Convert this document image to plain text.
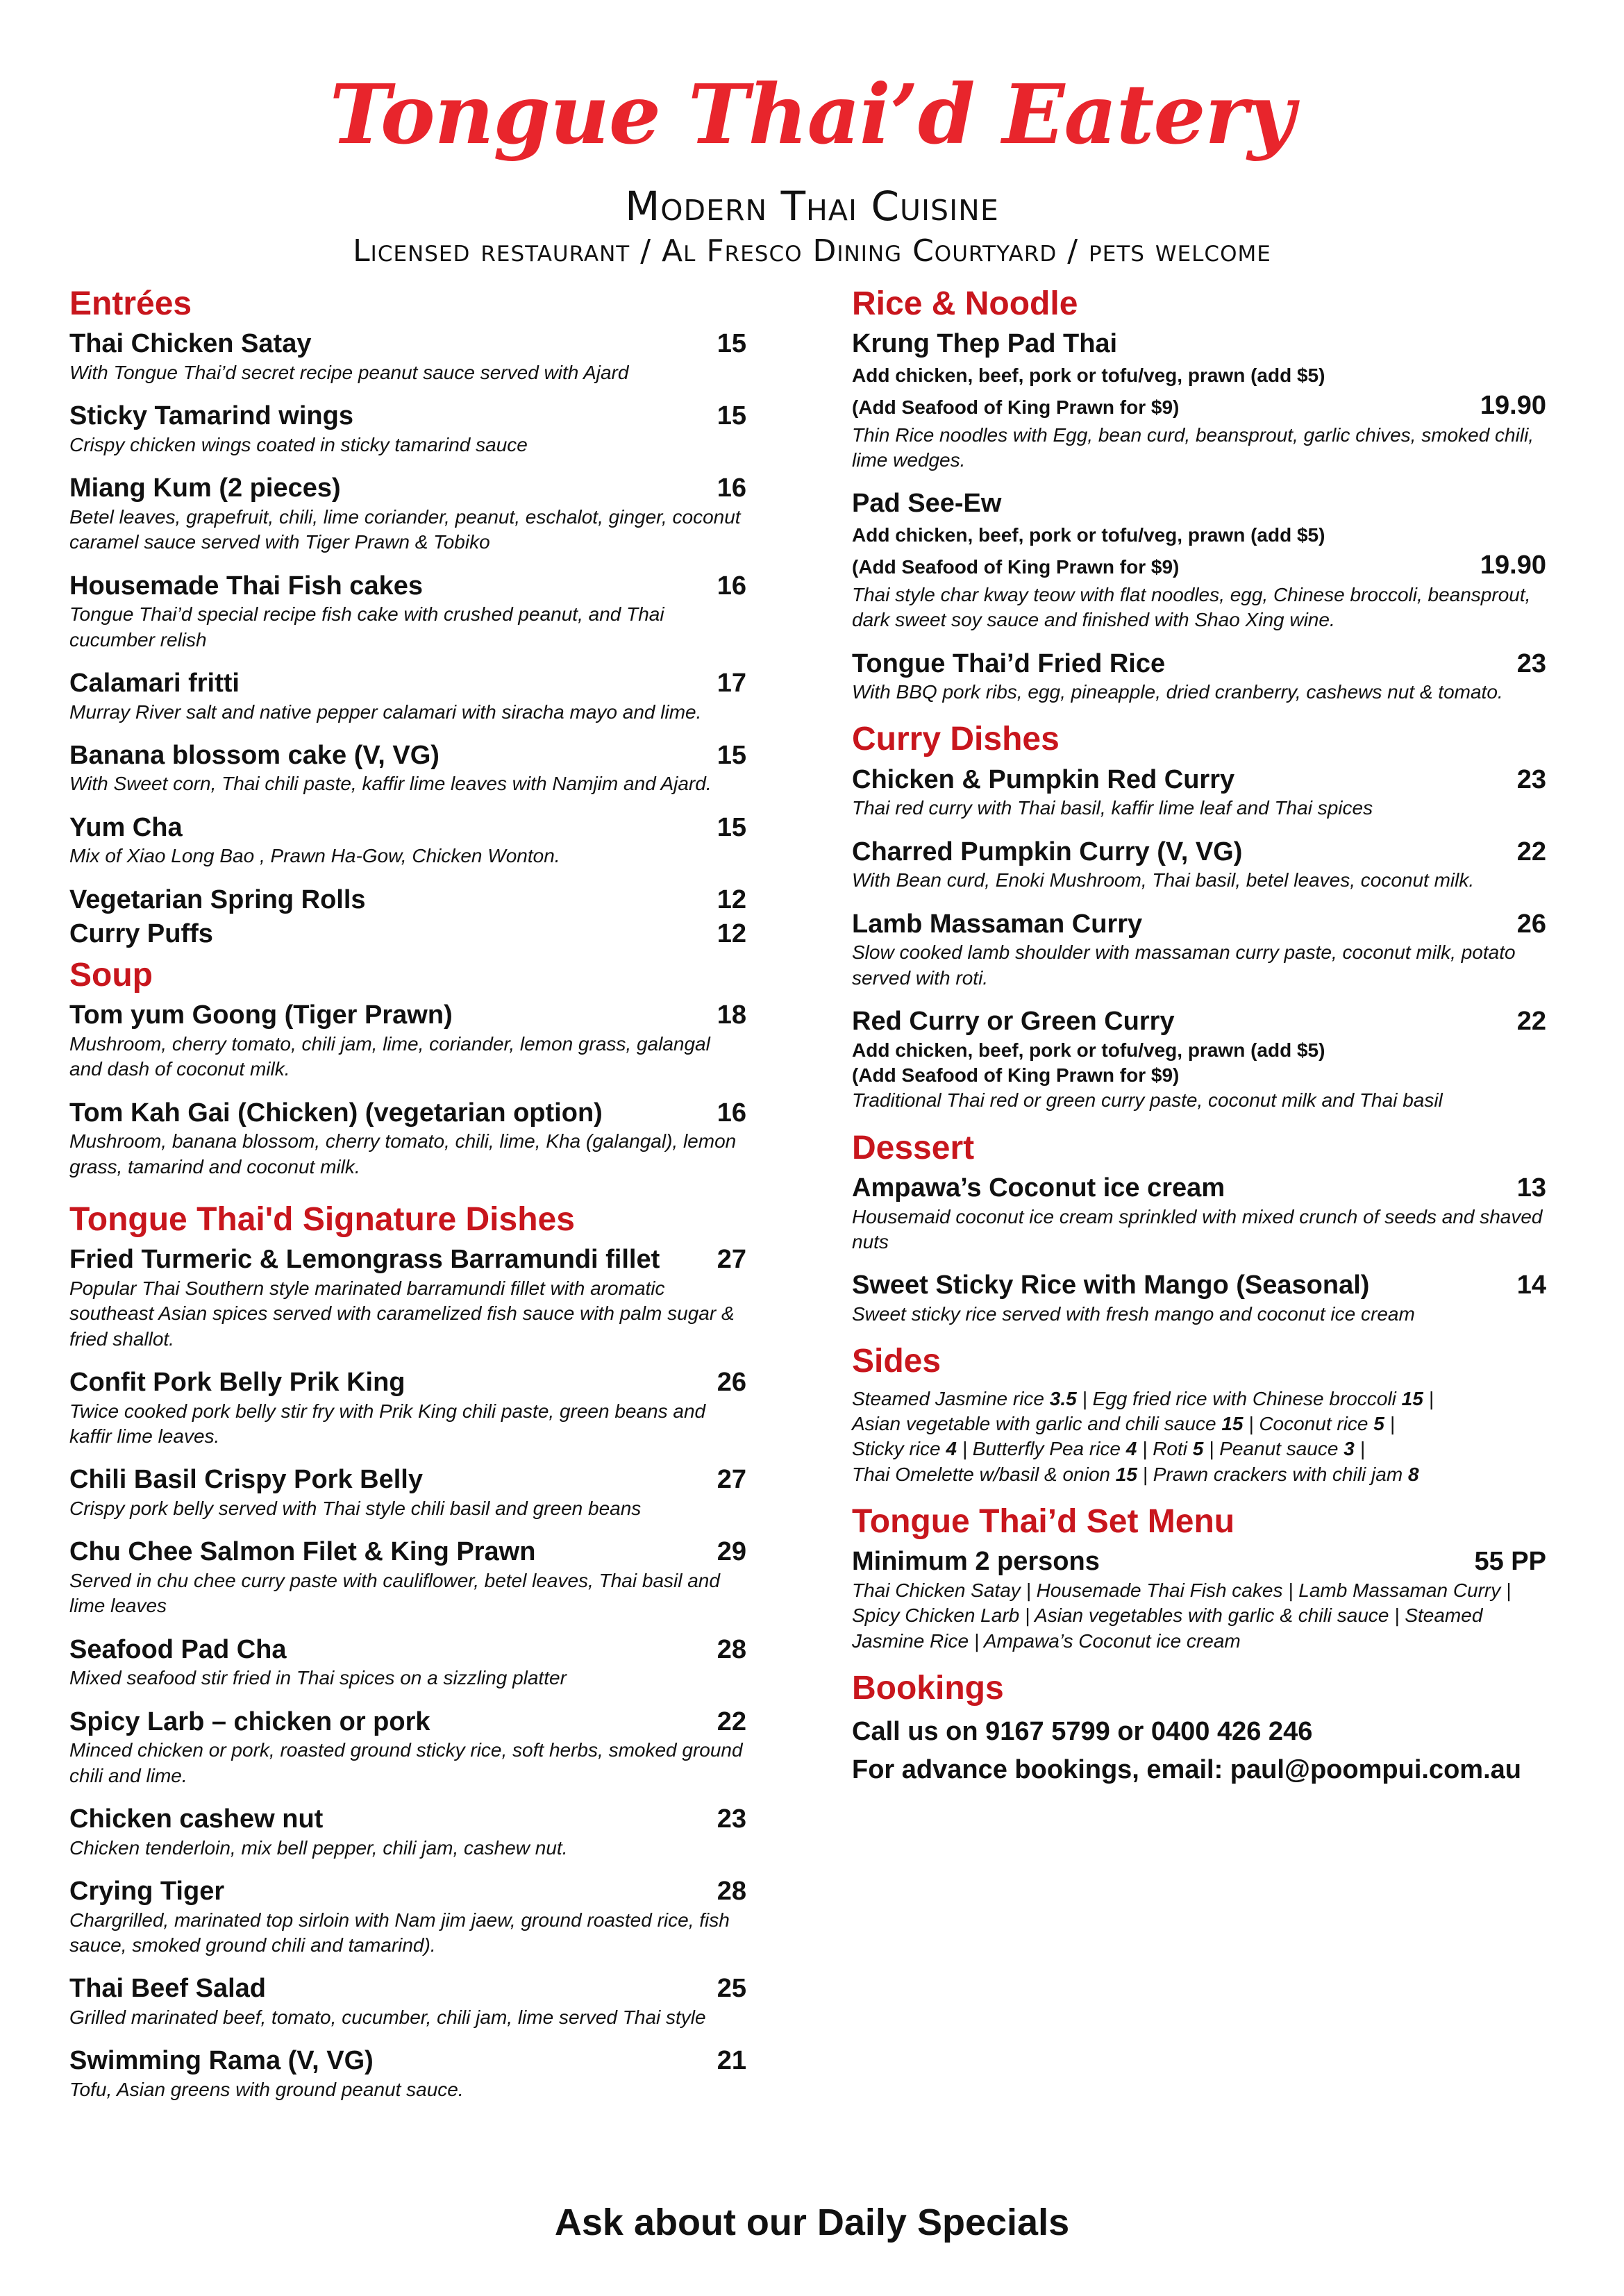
Tongue Thai’d Eatery
Modern Thai Cuisine
Licensed restaurant / Al Fresco Dining Courtyard / pets welcome
Entrées
Thai Chicken Satay	15
With Tongue Thai’d secret recipe peanut sauce served with Ajard
Sticky Tamarind wings	15
Crispy chicken wings coated in sticky tamarind sauce
Miang Kum (2 pieces)	16
Betel leaves, grapefruit, chili, lime coriander, peanut, eschalot, ginger, coconut caramel sauce served with Tiger Prawn & Tobiko
Housemade Thai Fish cakes	16
Tongue Thai’d special recipe fish cake with crushed peanut, and Thai cucumber relish
Calamari fritti	17
Murray River salt and native pepper calamari with siracha mayo and lime.
Banana blossom cake (V, VG)	15
With Sweet corn, Thai chili paste, kaffir lime leaves with Namjim and Ajard.
Yum Cha	15
Mix of Xiao Long Bao , Prawn Ha-Gow, Chicken Wonton.
Vegetarian Spring Rolls	12
Curry Puffs	12
Soup
Tom yum Goong (Tiger Prawn)	18
Mushroom, cherry tomato, chili jam, lime, coriander, lemon grass, galangal and dash of coconut milk.
Tom Kah Gai (Chicken) (vegetarian option)	16
Mushroom, banana blossom, cherry tomato, chili, lime, Kha (galangal), lemon grass, tamarind and coconut milk.
Tongue Thai'd Signature Dishes
Fried Turmeric & Lemongrass Barramundi fillet 27
Popular Thai Southern style marinated barramundi fillet with aromatic southeast Asian spices served with caramelized fish sauce with palm sugar & fried shallot.
Confit Pork Belly Prik King	26
Twice cooked pork belly stir fry with Prik King chili paste, green beans and kaffir lime leaves.
Chili Basil Crispy Pork Belly	27
Crispy pork belly served with Thai style chili basil and green beans
Chu Chee Salmon Filet & King Prawn	29
Served in chu chee curry paste with cauliflower, betel leaves, Thai basil and lime leaves
Seafood Pad Cha	28
Mixed seafood stir fried in Thai spices on a sizzling platter
Spicy Larb – chicken or pork	22
Minced chicken or pork, roasted ground sticky rice, soft herbs, smoked ground chili and lime.
Chicken cashew nut	23
Chicken tenderloin, mix bell pepper, chili jam, cashew nut.
Crying Tiger	28
Chargrilled, marinated top sirloin with Nam jim jaew, ground roasted rice, fish sauce, smoked ground chili and tamarind).
Thai Beef Salad	25
Grilled marinated beef, tomato, cucumber, chili jam, lime served Thai style
Swimming Rama (V, VG)	21
Tofu, Asian greens with ground peanut sauce.
Rice & Noodle
Krung Thep Pad Thai
Add chicken, beef, pork or tofu/veg, prawn (add $5)
(Add Seafood of King Prawn for $9)	19.90
Thin Rice noodles with Egg, bean curd, beansprout, garlic chives, smoked chili, lime wedges.
Pad See-Ew
Add chicken, beef, pork or tofu/veg, prawn (add $5)
(Add Seafood of King Prawn for $9)	19.90
Thai style char kway teow with flat noodles, egg, Chinese broccoli, beansprout, dark sweet soy sauce and finished with Shao Xing wine.
Tongue Thai’d Fried Rice	23
With BBQ pork ribs, egg, pineapple, dried cranberry, cashews nut & tomato.
Curry Dishes
Chicken & Pumpkin Red Curry	23
Thai red curry with Thai basil, kaffir lime leaf and Thai spices
Charred Pumpkin Curry (V, VG)	22
With Bean curd, Enoki Mushroom, Thai basil, betel leaves, coconut milk.
Lamb Massaman Curry	26
Slow cooked lamb shoulder with massaman curry paste, coconut milk, potato served with roti.
Red Curry or Green Curry	22
Add chicken, beef, pork or tofu/veg, prawn (add $5)
(Add Seafood of King Prawn for $9)
Traditional Thai red or green curry paste, coconut milk and Thai basil
Dessert
Ampawa’s Coconut ice cream	13
Housemaid coconut ice cream sprinkled with mixed crunch of seeds and shaved nuts
Sweet Sticky Rice with Mango (Seasonal)	14
Sweet sticky rice served with fresh mango and coconut ice cream
Sides
Steamed Jasmine rice 3.5 | Egg fried rice with Chinese broccoli 15 |
Asian vegetable with garlic and chili sauce 15 | Coconut rice 5 |
Sticky rice 4 | Butterfly Pea rice 4 | Roti 5 | Peanut sauce 3 |
Thai Omelette w/basil & onion 15 | Prawn crackers with chili jam 8
Tongue Thai’d Set Menu
Minimum 2 persons	55 PP
Thai Chicken Satay | Housemade Thai Fish cakes | Lamb Massaman Curry | Spicy Chicken Larb | Asian vegetables with garlic & chili sauce | Steamed Jasmine Rice | Ampawa’s Coconut ice cream
Bookings
Call us on 9167 5799 or 0400 426 246
For advance bookings, email: paul@poompui.com.au
Ask about our Daily Specials
